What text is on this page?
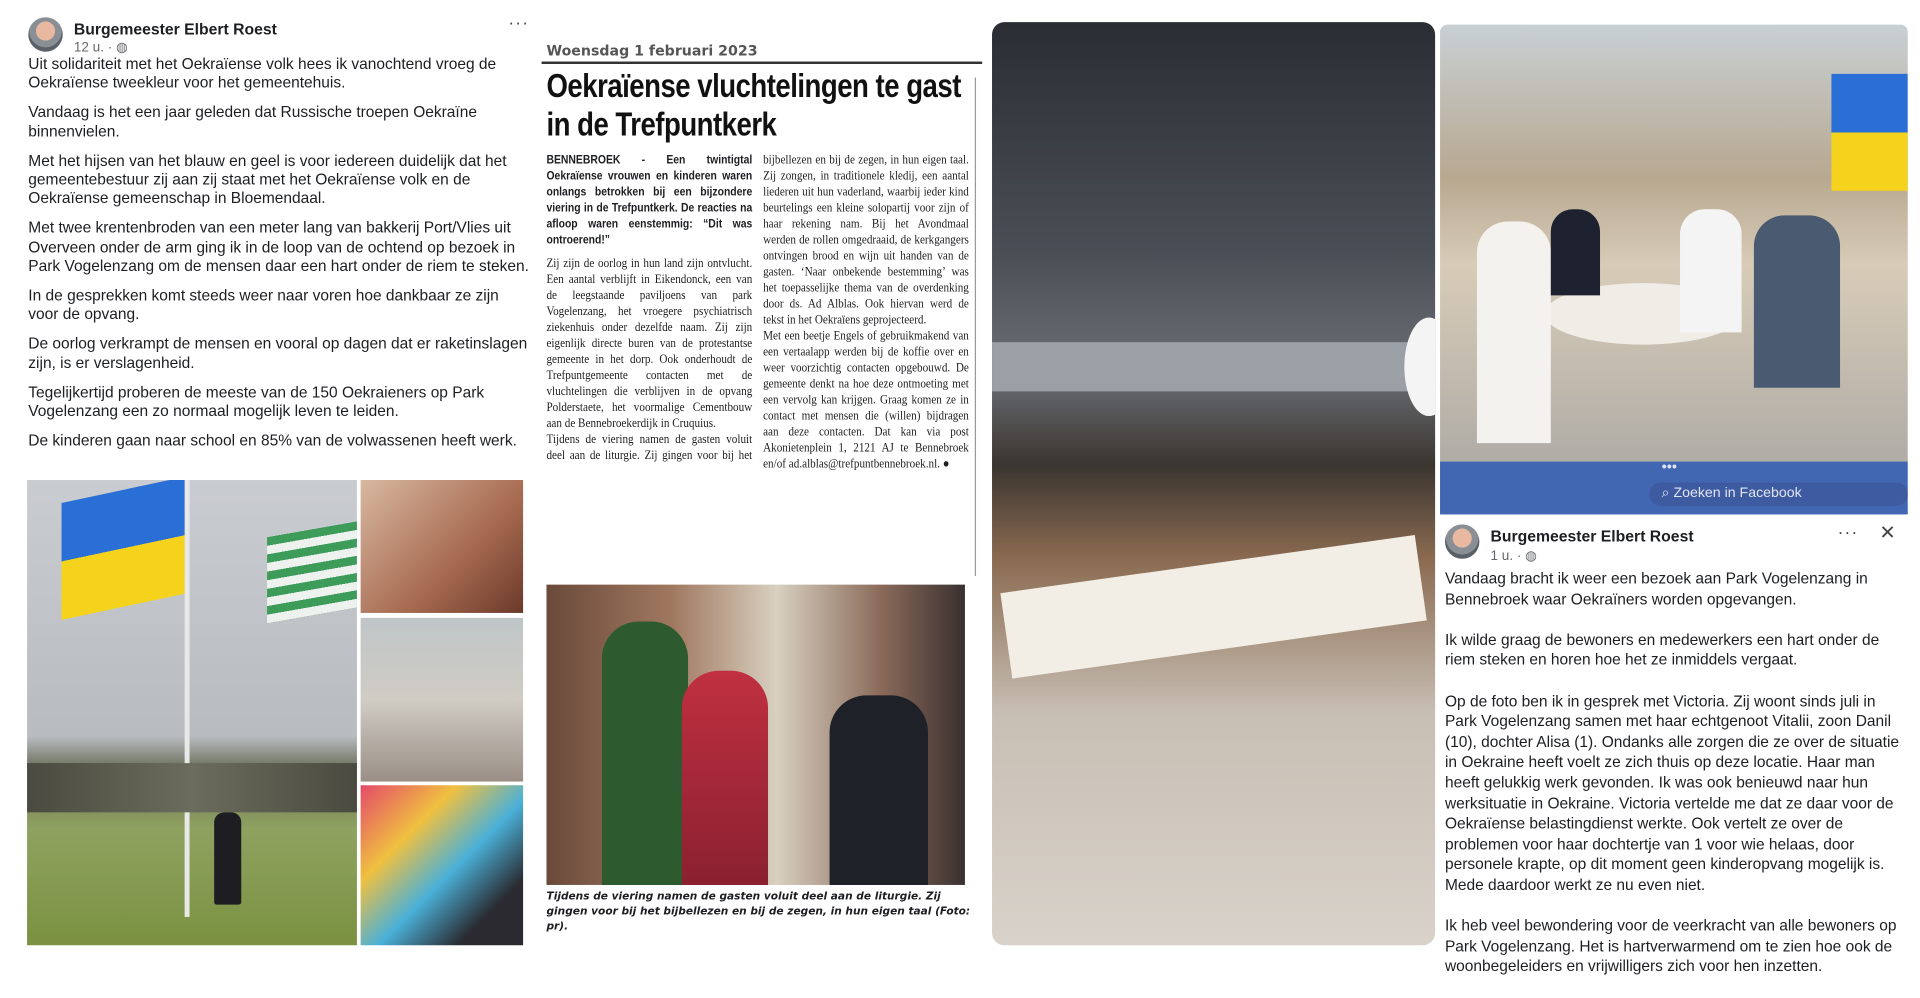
Burgemeester Elbert Roest
12 u. · ◍
···

Uit solidariteit met het Oekraïense volk hees ik vanochtend vroeg de Oekraïense tweekleur voor het gemeentehuis.

Vandaag is het een jaar geleden dat Russische troepen Oekraïne binnenvielen.

Met het hijsen van het blauw en geel is voor iedereen duidelijk dat het gemeentebestuur zij aan zij staat met het Oekraïense volk en de Oekraïense gemeenschap in Bloemendaal.

Met twee krentenbroden van een meter lang van bakkerij Port/Vlies uit Overveen onder de arm ging ik in de loop van de ochtend op bezoek in Park Vogelenzang om de mensen daar een hart onder de riem te steken.

In de gesprekken komt steeds weer naar voren hoe dankbaar ze zijn voor de opvang.

De oorlog verkrampt de mensen en vooral op dagen dat er raketinslagen zijn, is er verslagenheid.

Tegelijkertijd proberen de meeste van de 150 Oekraieners op Park Vogelenzang een zo normaal mogelijk leven te leiden.

De kinderen gaan naar school en 85% van de volwassenen heeft werk.

Woensdag 1 februari 2023
Oekraïense vluchtelingen te gast in de Trefpuntkerk

BENNEBROEK - Een twintigtal Oekraïense vrouwen en kinderen waren onlangs betrokken bij een bijzondere viering in de Trefpuntkerk. De reacties na afloop waren eenstemmig: “Dit was ontroerend!”

Zij zijn de oorlog in hun land zijn ontvlucht. Een aantal verblijft in Eikendonck, een van de leegstaande paviljoens van park Vogelenzang, het vroegere psychiatrisch ziekenhuis onder dezelfde naam. Zij zijn eigenlijk directe buren van de protestantse gemeente in het dorp. Ook onderhoudt de Trefpuntgemeente contacten met de vluchtelingen die verblijven in de opvang Polderstaete, het voormalige Cementbouw aan de Bennebroekerdijk in Cruquius.

Tijdens de viering namen de gasten voluit deel aan de liturgie. Zij gingen voor bij het bijbellezen en bij de zegen, in hun eigen taal. Zij zongen, in traditionele kledij, een aantal liederen uit hun vaderland, waarbij ieder kind beurtelings een kleine solopartij voor zijn of haar rekening nam. Bij het Avondmaal werden de rollen omgedraaid, de kerkgangers ontvingen brood en wijn uit handen van de gasten. ‘Naar onbekende bestemming’ was het toepasselijke thema van de overdenking door ds. Ad Alblas. Ook hiervan werd de tekst in het Oekraïens geprojecteerd.

Met een beetje Engels of gebruikmakend van een vertaalapp werden bij de koffie over en weer voorzichtig contacten opgebouwd. De gemeente denkt na hoe deze ontmoeting met een vervolg kan krijgen. Graag komen ze in contact met mensen die (willen) bijdragen aan deze contacten. Dat kan via post Akonietenplein 1, 2121 AJ te Bennebroek en/of ad.alblas@trefpuntbennebroek.nl. ●

Tijdens de viering namen de gasten voluit deel aan de liturgie. Zij gingen voor bij het bijbellezen en bij de zegen, in hun eigen taal (Foto: pr).
•••
⌕ Zoeken in Facebook
Burgemeester Elbert Roest
1 u. · ◍
··· ✕

Vandaag bracht ik weer een bezoek aan Park Vogelenzang in Bennebroek waar Oekraïners worden opgevangen.

Ik wilde graag de bewoners en medewerkers een hart onder de riem steken en horen hoe het ze inmiddels vergaat.

Op de foto ben ik in gesprek met Victoria. Zij woont sinds juli in Park Vogelenzang samen met haar echtgenoot Vitalii, zoon Danil (10), dochter Alisa (1). Ondanks alle zorgen die ze over de situatie in Oekraine heeft voelt ze zich thuis op deze locatie. Haar man heeft gelukkig werk gevonden. Ik was ook benieuwd naar hun werksituatie in Oekraine. Victoria vertelde me dat ze daar voor de Oekraïense belastingdienst werkte. Ook vertelt ze over de problemen voor haar dochtertje van 1 voor wie helaas, door personele krapte, op dit moment geen kinderopvang mogelijk is. Mede daardoor werkt ze nu even niet.

Ik heb veel bewondering voor de veerkracht van alle bewoners op Park Vogelenzang. Het is hartverwarmend om te zien hoe ook de woonbegeleiders en vrijwilligers zich voor hen inzetten.
